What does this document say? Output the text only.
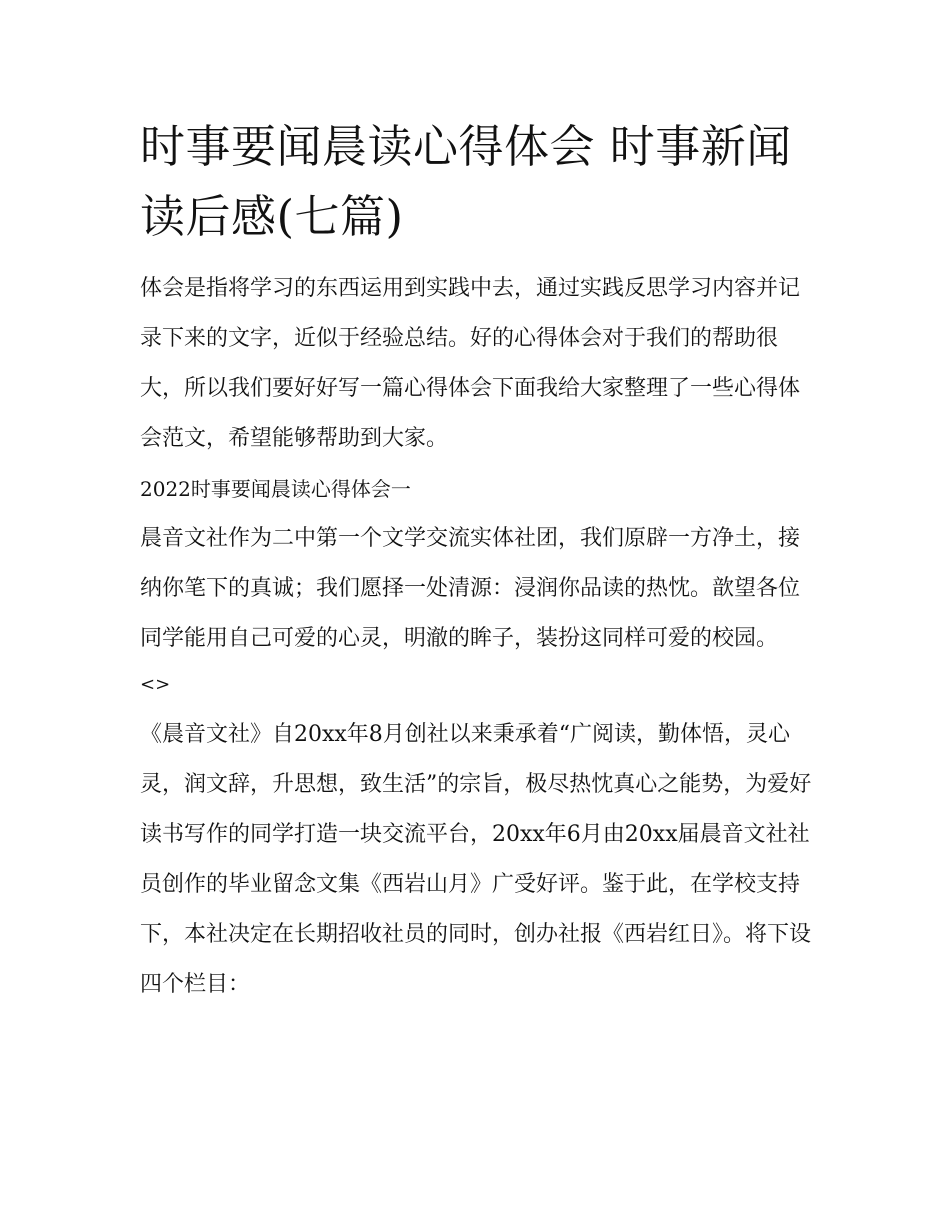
时事要闻晨读心得体会 时事新闻读后感(七篇)

体会是指将学习的东西运用到实践中去，通过实践反思学习内容并记录下来的文字，近似于经验总结。好的心得体会对于我们的帮助很大，所以我们要好好写一篇心得体会下面我给大家整理了一些心得体会范文，希望能够帮助到大家。

2022时事要闻晨读心得体会一

晨音文社作为二中第一个文学交流实体社团，我们原辟一方净土，接纳你笔下的真诚；我们愿择一处清源：浸润你品读的热忱。歆望各位同学能用自己可爱的心灵，明澈的眸子，装扮这同样可爱的校园。

<>

《晨音文社》自20xx年8月创社以来秉承着“广阅读，勤体悟，灵心灵，润文辞，升思想，致生活”的宗旨，极尽热忱真心之能势，为爱好读书写作的同学打造一块交流平台，20xx年6月由20xx届晨音文社社员创作的毕业留念文集《西岩山月》广受好评。鉴于此，在学校支持下，本社决定在长期招收社员的同时，创办社报《西岩红日》。将下设四个栏目：
